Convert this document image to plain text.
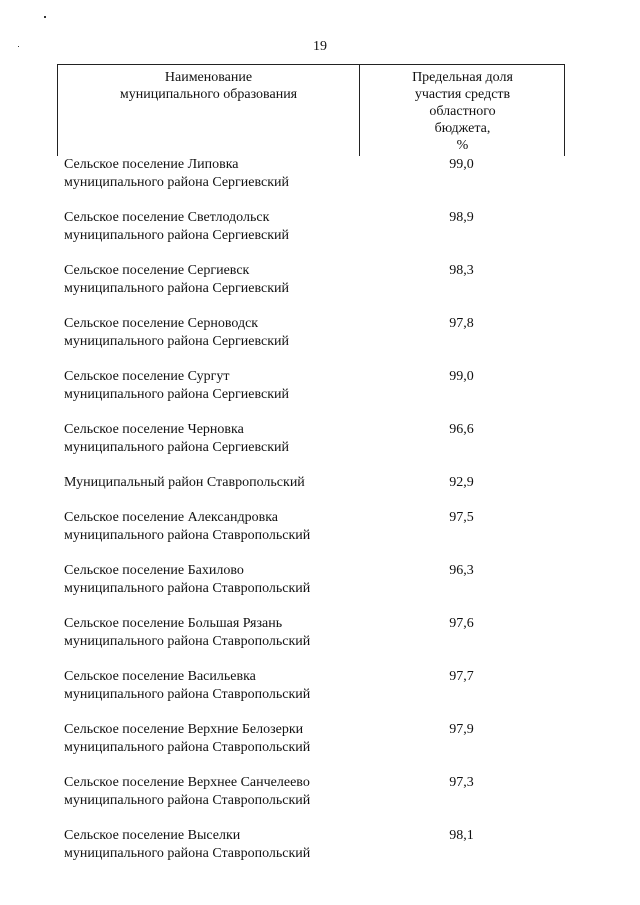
19
Наименование
муниципального образования
Предельная доля
участия средств
областного
бюджета,
%
Сельское поселение Липовка
муниципального района Сергиевский
99,0
Сельское поселение Светлодольск
муниципального района Сергиевский
98,9
Сельское поселение Сергиевск
муниципального района Сергиевский
98,3
Сельское поселение Серноводск
муниципального района Сергиевский
97,8
Сельское поселение Сургут
муниципального района Сергиевский
99,0
Сельское поселение Черновка
муниципального района Сергиевский
96,6
Муниципальный район Ставропольский	92,9
Сельское поселение Александровка
муниципального района Ставропольский
97,5
Сельское поселение Бахилово
муниципального района Ставропольский
96,3
Сельское поселение Большая Рязань
муниципального района Ставропольский
97,6
Сельское поселение Васильевка
муниципального района Ставропольский
97,7
Сельское поселение Верхние Белозерки
муниципального района Ставропольский
97,9
Сельское поселение Верхнее Санчелеево
муниципального района Ставропольский
97,3
Сельское поселение Выселки
муниципального района Ставропольский
98,1
